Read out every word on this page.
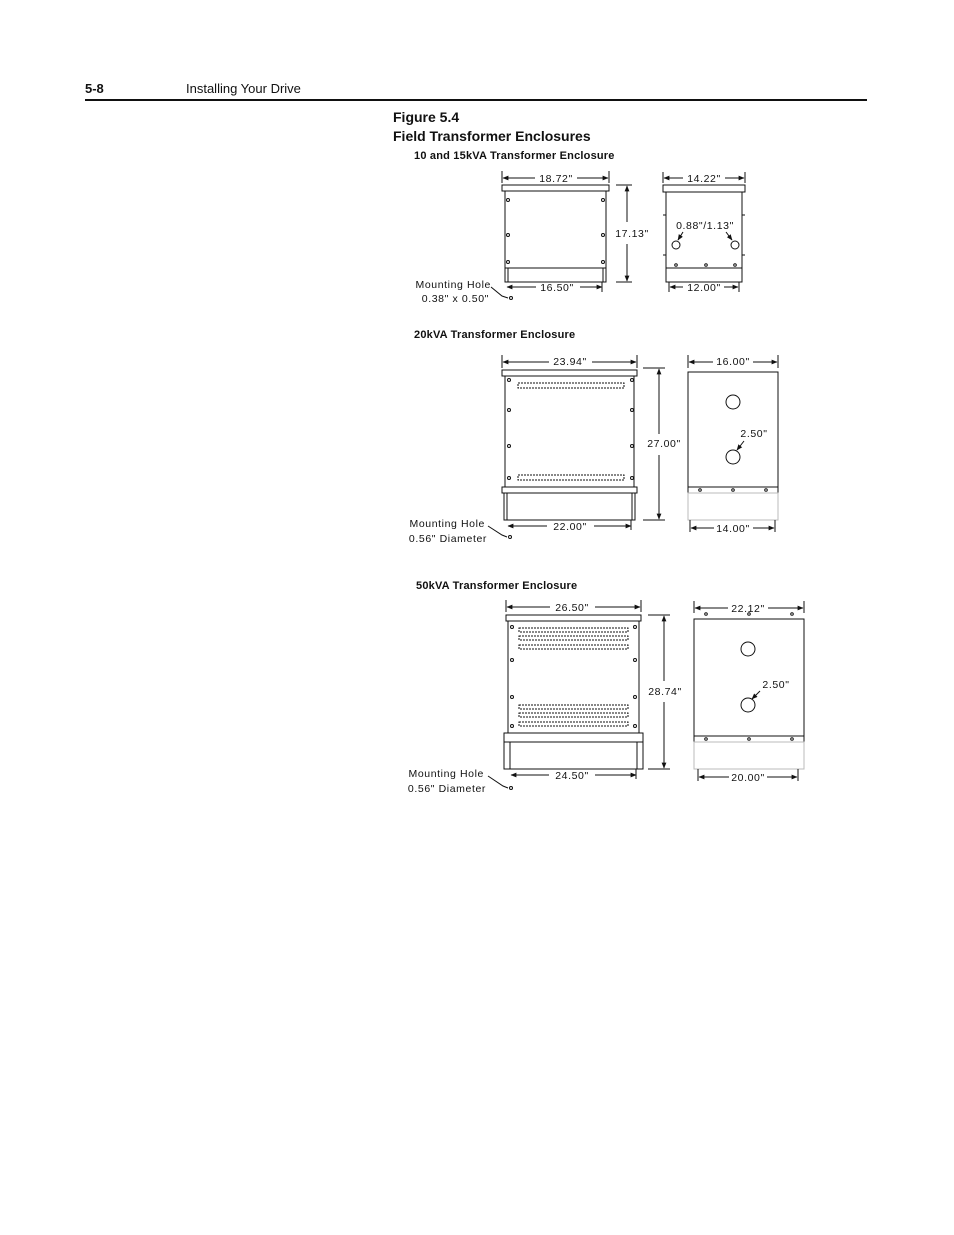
5-8	Installing Your Drive
Figure 5.4
Field Transformer Enclosures
10 and 15kVA Transformer Enclosure
20kVA Transformer Enclosure
50kVA Transformer Enclosure
18.72"
17.13"
16.50"
14.22"
12.00"
0.88"/1.13"
Mounting Hole
0.38" x 0.50"
23.94"
27.00"
22.00"
16.00"
14.00"
2.50"
Mounting Hole
0.56" Diameter
26.50"
28.74"
24.50"
22.12"
20.00"
2.50"
Mounting Hole
0.56" Diameter
